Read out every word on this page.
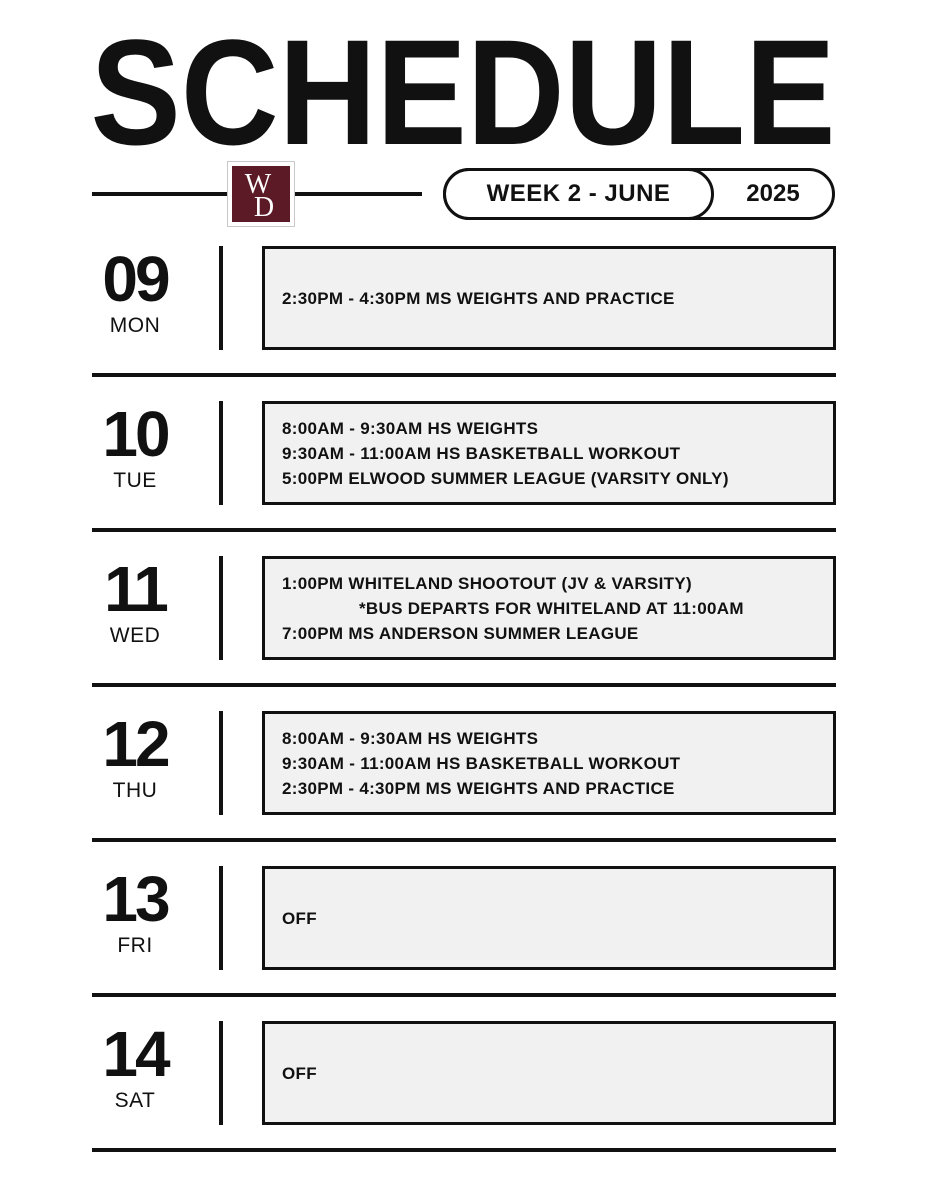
SCHEDULE
W
D	WEEK 2 - JUNE	2025
09
MON
2:30PM - 4:30PM MS WEIGHTS AND PRACTICE
10
TUE
8:00AM - 9:30AM HS WEIGHTS
9:30AM - 11:00AM HS BASKETBALL WORKOUT
5:00PM ELWOOD SUMMER LEAGUE (VARSITY ONLY)
11
WED
1:00PM WHITELAND SHOOTOUT (JV & VARSITY)
*BUS DEPARTS FOR WHITELAND AT 11:00AM
7:00PM MS ANDERSON SUMMER LEAGUE
12
THU
8:00AM - 9:30AM HS WEIGHTS
9:30AM - 11:00AM HS BASKETBALL WORKOUT
2:30PM - 4:30PM MS WEIGHTS AND PRACTICE
13
FRI
OFF
14
SAT
OFF
